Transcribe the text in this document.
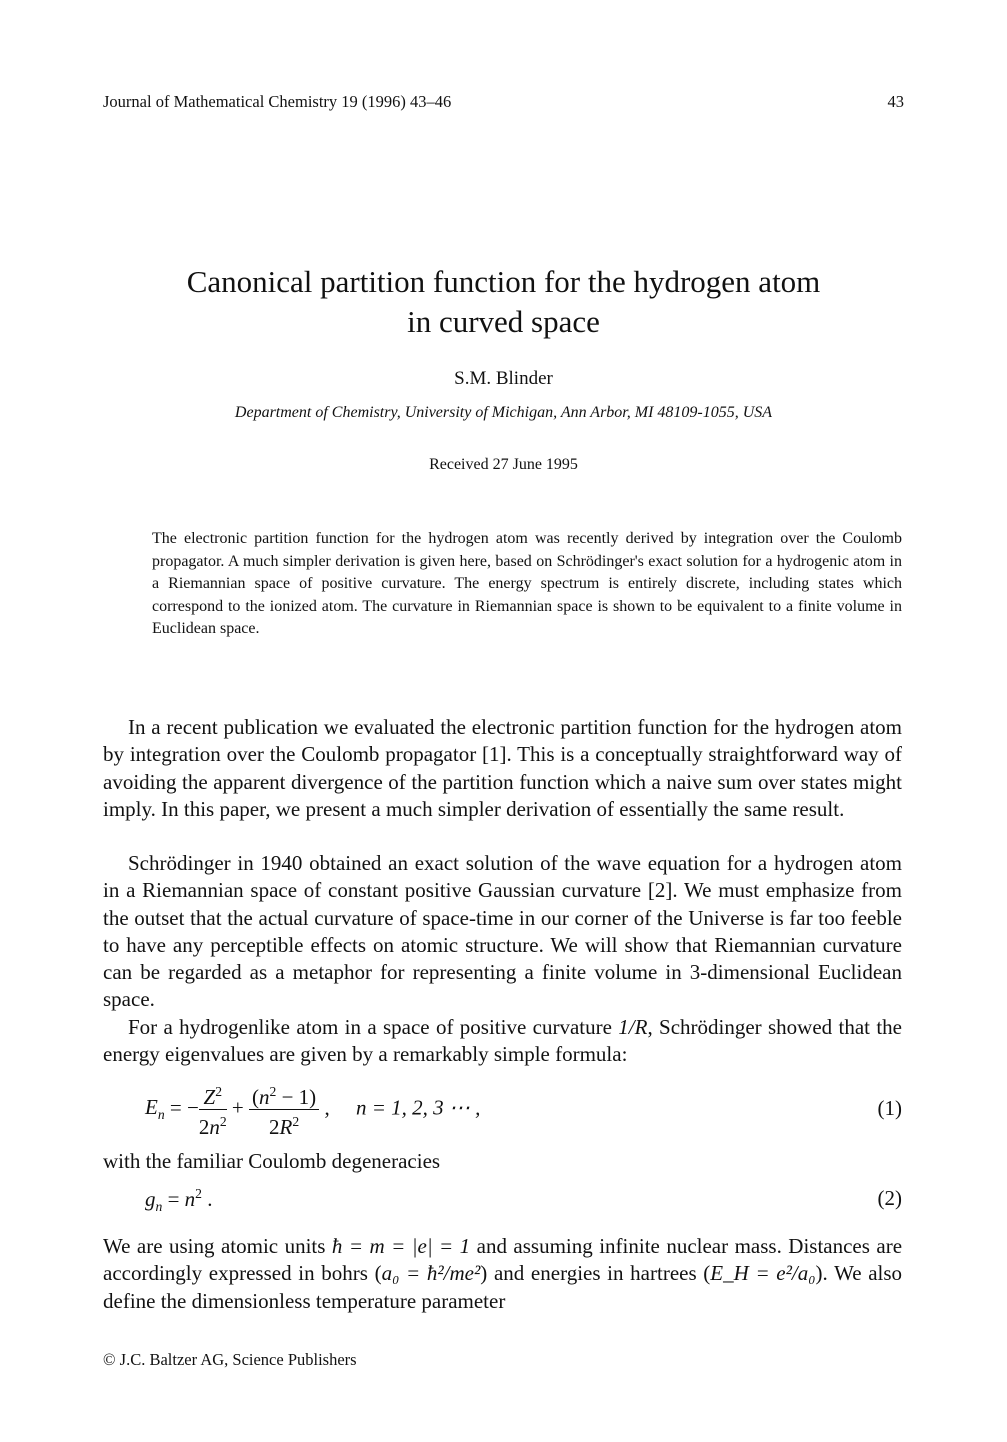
Journal of Mathematical Chemistry 19 (1996) 43–46	43
Canonical partition function for the hydrogen atom
in curved space
S.M. Blinder
Department of Chemistry, University of Michigan, Ann Arbor, MI 48109-1055, USA
Received 27 June 1995
The electronic partition function for the hydrogen atom was recently derived by integration over the Coulomb propagator. A much simpler derivation is given here, based on Schrödinger's exact solution for a hydrogenic atom in a Riemannian space of positive curvature. The energy spectrum is entirely discrete, including states which correspond to the ionized atom. The curvature in Riemannian space is shown to be equivalent to a finite volume in Euclidean space.
In a recent publication we evaluated the electronic partition function for the hydrogen atom by integration over the Coulomb propagator [1]. This is a conceptually straightforward way of avoiding the apparent divergence of the partition function which a naive sum over states might imply. In this paper, we present a much simpler derivation of essentially the same result.
Schrödinger in 1940 obtained an exact solution of the wave equation for a hydrogen atom in a Riemannian space of constant positive Gaussian curvature [2]. We must emphasize from the outset that the actual curvature of space-time in our corner of the Universe is far too feeble to have any perceptible effects on atomic structure. We will show that Riemannian curvature can be regarded as a metaphor for representing a finite volume in 3-dimensional Euclidean space.
For a hydrogenlike atom in a space of positive curvature 1/R, Schrödinger showed that the energy eigenvalues are given by a remarkably simple formula:
$E_n$ = − $\frac{Z^2}{2n^2} + \frac{(n^2 - 1)}{2R^2}$ ,     n = 1, 2, 3 ⋯ ,	(1)
with the familiar Coulomb degeneracies
$g_n = n^2$ .	(2)
We are using atomic units ħ = m = |e| = 1 and assuming infinite nuclear mass. Distances are accordingly expressed in bohrs (a₀ = ħ²/me²) and energies in hartrees (E_H = e²/a₀). We also define the dimensionless temperature parameter
© J.C. Baltzer AG, Science Publishers
